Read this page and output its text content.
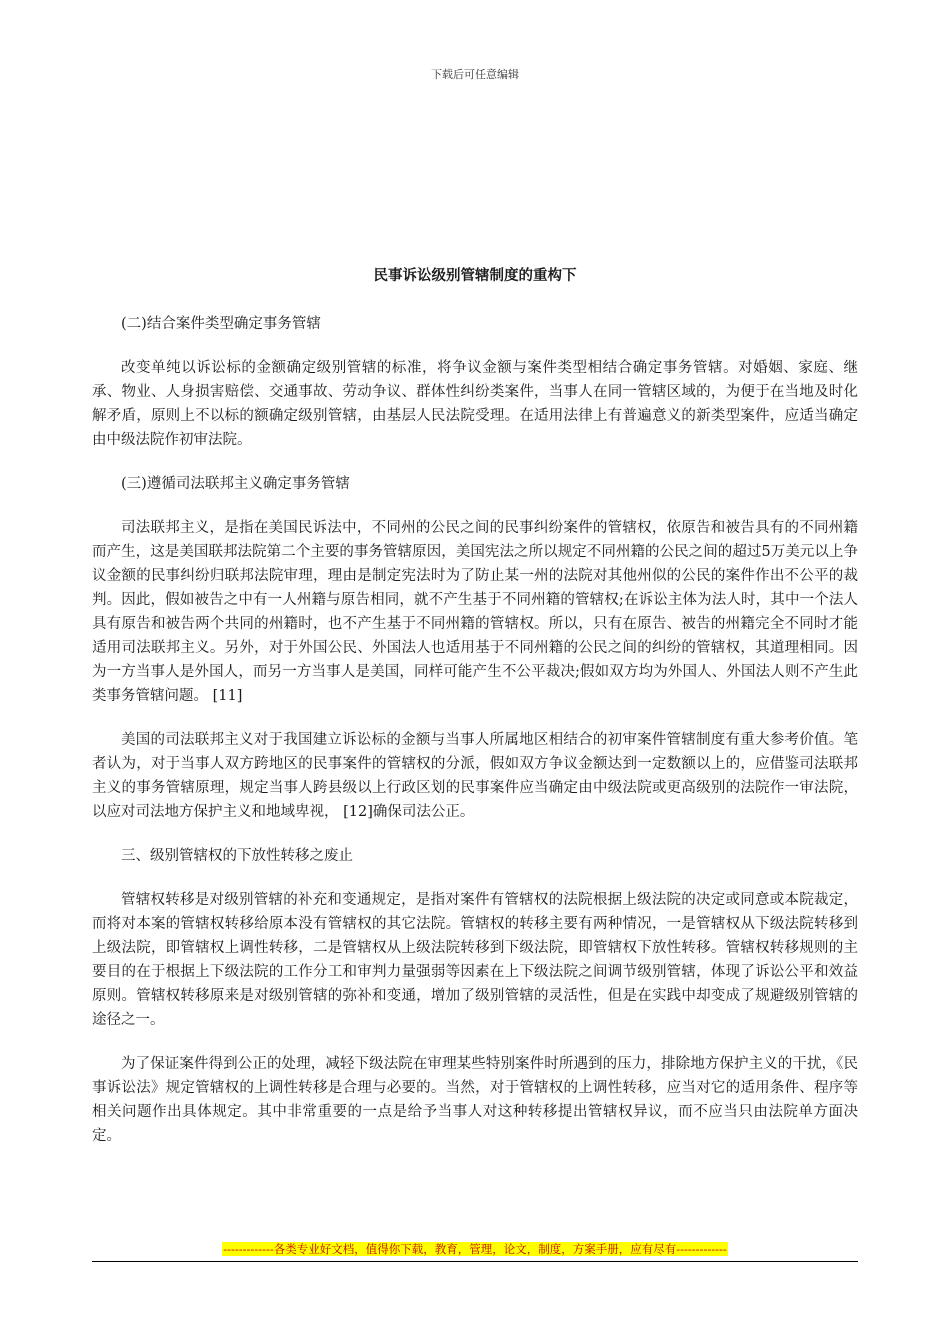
下载后可任意编辑
民事诉讼级别管辖制度的重构下

(二)结合案件类型确定事务管辖

改变单纯以诉讼标的金额确定级别管辖的标准，将争议金额与案件类型相结合确定事务管辖。对婚姻、家庭、继承、物业、人身损害赔偿、交通事故、劳动争议、群体性纠纷类案件，当事人在同一管辖区域的，为便于在当地及时化解矛盾，原则上不以标的额确定级别管辖，由基层人民法院受理。在适用法律上有普遍意义的新类型案件，应适当确定由中级法院作初审法院。

(三)遵循司法联邦主义确定事务管辖

司法联邦主义，是指在美国民诉法中，不同州的公民之间的民事纠纷案件的管辖权，依原告和被告具有的不同州籍而产生，这是美国联邦法院第二个主要的事务管辖原因，美国宪法之所以规定不同州籍的公民之间的超过5万美元以上争议金额的民事纠纷归联邦法院审理，理由是制定宪法时为了防止某一州的法院对其他州似的公民的案件作出不公平的裁判。因此，假如被告之中有一人州籍与原告相同，就不产生基于不同州籍的管辖权;在诉讼主体为法人时，其中一个法人具有原告和被告两个共同的州籍时，也不产生基于不同州籍的管辖权。所以，只有在原告、被告的州籍完全不同时才能适用司法联邦主义。另外，对于外国公民、外国法人也适用基于不同州籍的公民之间的纠纷的管辖权，其道理相同。因为一方当事人是外国人，而另一方当事人是美国，同样可能产生不公平裁决;假如双方均为外国人、外国法人则不产生此类事务管辖问题。 [11]

美国的司法联邦主义对于我国建立诉讼标的金额与当事人所属地区相结合的初审案件管辖制度有重大参考价值。笔者认为，对于当事人双方跨地区的民事案件的管辖权的分派，假如双方争议金额达到一定数额以上的，应借鉴司法联邦主义的事务管辖原理，规定当事人跨县级以上行政区划的民事案件应当确定由中级法院或更高级别的法院作一审法院，以应对司法地方保护主义和地域卑视， [12]确保司法公正。

三、级别管辖权的下放性转移之废止

管辖权转移是对级别管辖的补充和变通规定，是指对案件有管辖权的法院根据上级法院的决定或同意或本院裁定，而将对本案的管辖权转移给原本没有管辖权的其它法院。管辖权的转移主要有两种情况，一是管辖权从下级法院转移到上级法院，即管辖权上调性转移，二是管辖权从上级法院转移到下级法院，即管辖权下放性转移。管辖权转移规则的主要目的在于根据上下级法院的工作分工和审判力量强弱等因素在上下级法院之间调节级别管辖，体现了诉讼公平和效益原则。管辖权转移原来是对级别管辖的弥补和变通，增加了级别管辖的灵活性，但是在实践中却变成了规避级别管辖的途径之一。

为了保证案件得到公正的处理，减轻下级法院在审理某些特别案件时所遇到的压力，排除地方保护主义的干扰，《民事诉讼法》规定管辖权的上调性转移是合理与必要的。当然，对于管辖权的上调性转移，应当对它的适用条件、程序等相关问题作出具体规定。其中非常重要的一点是给予当事人对这种转移提出管辖权异议，而不应当只由法院单方面决定。

-------------各类专业好文档，值得你下载，教育，管理，论文，制度，方案手册，应有尽有-------------
